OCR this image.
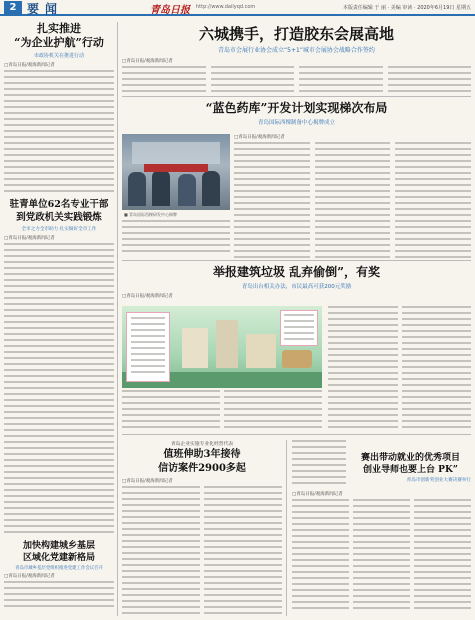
2 要闻	青岛日报 http://www.dailyqd.com	本版责任编辑 于 丽 · 美编 审读 · 2020年6月19日 星期五
扎实推进
“为企业护航”行动
市政协机关在推进行动
□青岛日报/观海新闻记者
驻青单位62名专业干部
到党政机关实践锻炼
全市之力全市助力 扎实做好全市工作
□青岛日报/观海新闻记者
加快构建城乡基层
区域化党建新格局
青岛市城乡基层党组织推进党建工作会议召开
□青岛日报/观海新闻记者
六城携手，打造胶东会展高地
青岛市会展行业协会成立“5+1”城市会展协会战略合作签约
□青岛日报/观海新闻记者
“蓝色药库”开发计划实现梯次布局
青岛国际西棵制备中心揭牌成立
■ 青岛国际西棵研发中心揭牌
□青岛日报/观海新闻记者
举报建筑垃圾 乱弃偷倒”，有奖
青岛出台相关办法，市民最高可获200元奖励
□青岛日报/观海新闻记者
青岛企业实施专业化经营代表
值班伸助3年接待
信访案件2900多起
□青岛日报/观海新闻记者
赛出带动就业的优秀项目
创业导师也要上台 PK”
青岛市创新奖创业大赛决赛举行
□青岛日报/观海新闻记者
